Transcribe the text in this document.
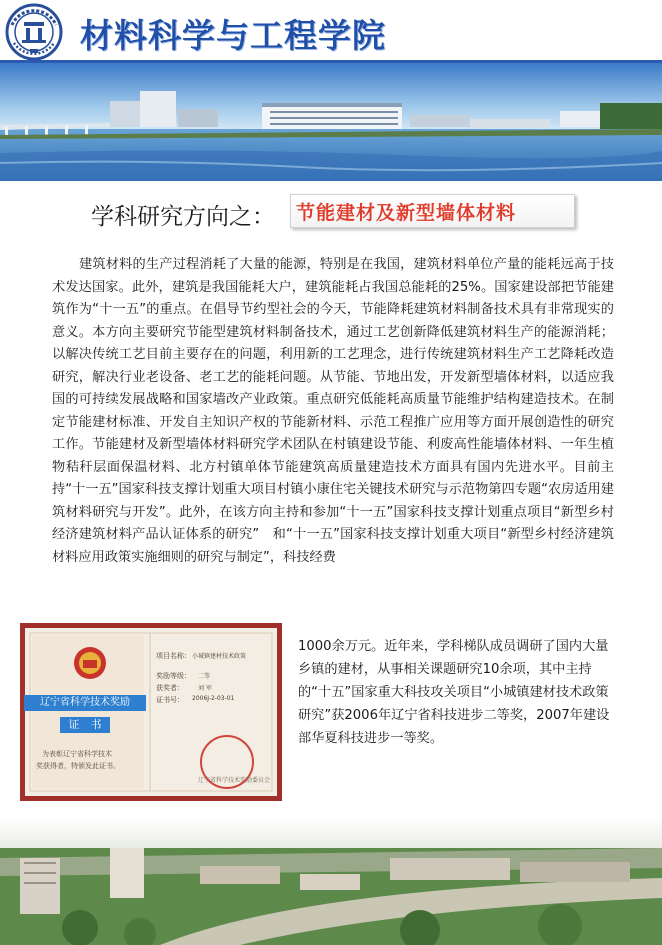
材料科学与工程学院
学科研究方向之： 节能建材及新型墙体材料
建筑材料的生产过程消耗了大量的能源，特别是在我国，建筑材料单位产量的能耗远高于技术发达国家。此外，建筑是我国能耗大户，建筑能耗占我国总能耗的25%。国家建设部把节能建筑作为“十一五”的重点。在倡导节约型社会的今天，节能降耗建筑材料制备技术具有非常现实的意义。本方向主要研究节能型建筑材料制备技术，通过工艺创新降低建筑材料生产的能源消耗；以解决传统工艺目前主要存在的问题，利用新的工艺理念，进行传统建筑材料生产工艺降耗改造研究，解决行业老设备、老工艺的能耗问题。从节能、节地出发，开发新型墙体材料，以适应我国的可持续发展战略和国家墙改产业政策。重点研究低能耗高质量节能维护结构建造技术。在制定节能建材标准、开发自主知识产权的节能新材料、示范工程推广应用等方面开展创造性的研究工作。节能建材及新型墙体材料研究学术团队在村镇建设节能、利废高性能墙体材料、一年生植物秸秆层面保温材料、北方村镇单体节能建筑高质量建造技术方面具有国内先进水平。目前主持“十一五”国家科技支撑计划重大项目村镇小康住宅关键技术研究与示范物第四专题“农房适用建筑材料研究与开发”。此外，在该方向主持和参加“十一五”国家科技支撑计划重点项目“新型乡村经济建筑材料产品认证体系的研究”　和“十一五”国家科技支撑计划重大项目“新型乡村经济建筑材料应用政策实施细则的研究与制定”，科技经费
辽宁省科学技术奖励
证　书
为表彰辽宁省科学技术
奖获得者，特颁发此证书。
项目名称： 小城镇建材技术政策
奖励等级： 二等
获奖者： 刘 军
证书号： 2006J-2-03-01
辽宁省科学技术奖励委员会
1000余万元。近年来，学科梯队成员调研了国内大量乡镇的建材，从事相关课题研究10余项，其中主持的“十五”国家重大科技攻关项目“小城镇建材技术政策研究”获2006年辽宁省科技进步二等奖，2007年建设部华夏科技进步一等奖。
